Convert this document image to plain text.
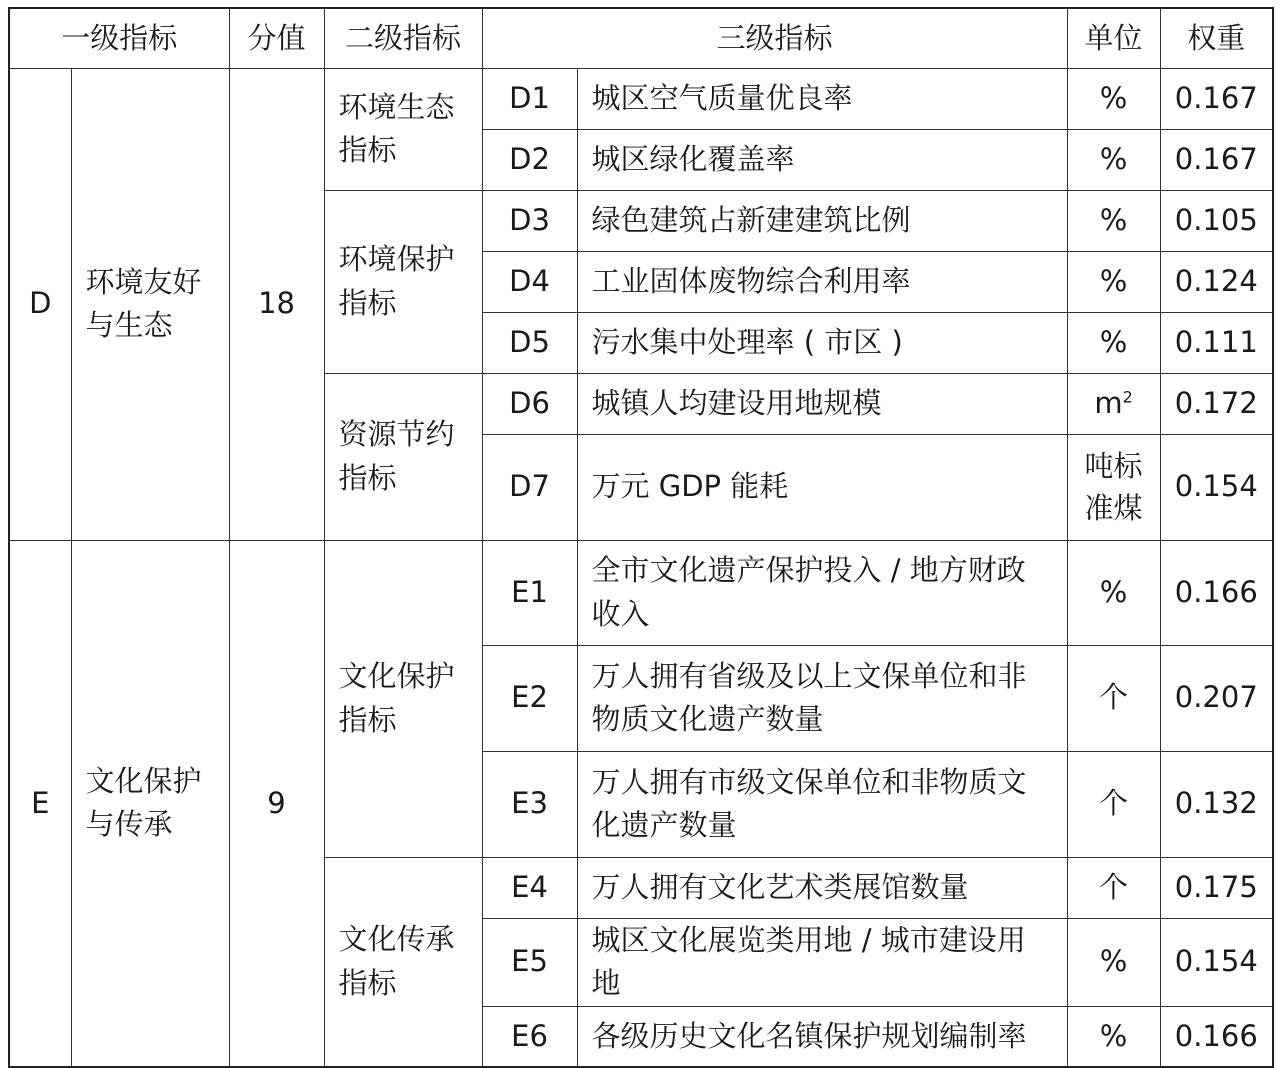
一级指标		分值	二级指标	三级指标		单位	权重
D	环境友好与生态	18	环境生态指标	D1	城区空气质量优良率	%	0.167
				D2	城区绿化覆盖率	%	0.167
			环境保护指标	D3	绿色建筑占新建建筑比例	%	0.105
				D4	工业固体废物综合利用率	%	0.124
				D5	污水集中处理率 ( 市区 )	%	0.111
			资源节约指标	D6	城镇人均建设用地规模	$m^2$	0.172
				D7	万元 GDP 能耗	吨标准煤	0.154
E	文化保护与传承	9	文化保护指标	E1	全市文化遗产保护投入 / 地方财政收入	%	0.166
				E2	万人拥有省级及以上文保单位和非物质文化遗产数量	个	0.207
				E3	万人拥有市级文保单位和非物质文化遗产数量	个	0.132
			文化传承指标	E4	万人拥有文化艺术类展馆数量	个	0.175
				E5	城区文化展览类用地 / 城市建设用地	%	0.154
				E6	各级历史文化名镇保护规划编制率	%	0.166
